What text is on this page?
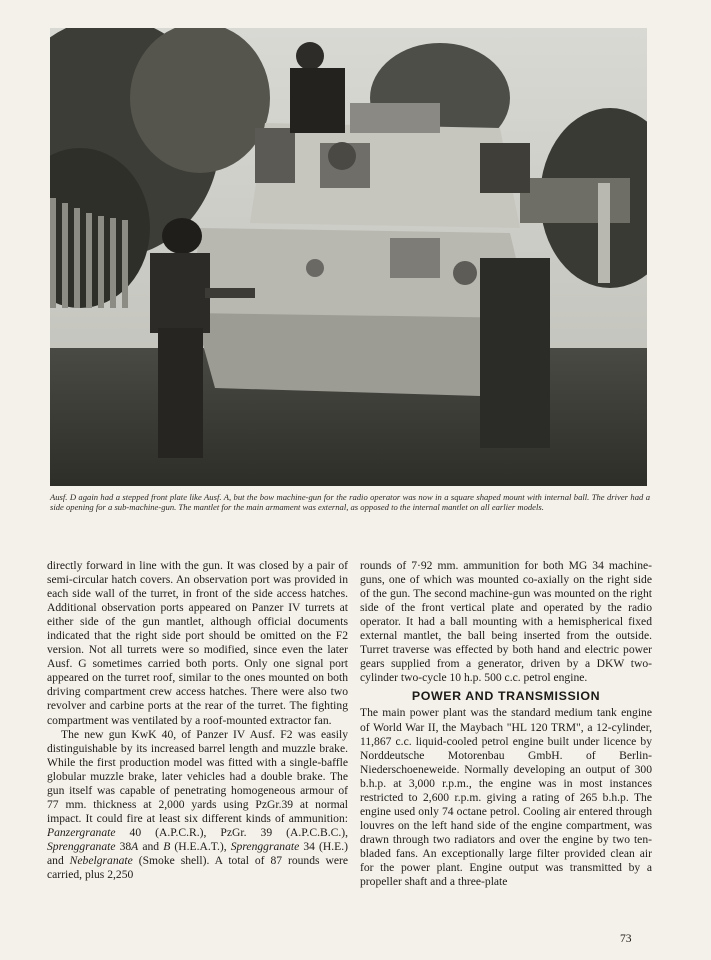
Ausf. D again had a stepped front plate like Ausf. A, but the bow machine-gun for the radio operator was now in a square shaped mount with internal ball. The driver had a side opening for a sub-machine-gun. The mantlet for the main armament was external, as opposed to the internal mantlet on all earlier models.

directly forward in line with the gun. It was closed by a pair of semi-circular hatch covers. An observation port was provided in each side wall of the turret, in front of the side access hatches. Additional observation ports appeared on Panzer IV turrets at either side of the gun mantlet, although official documents indicated that the right side port should be omitted on the F2 version. Not all turrets were so modified, since even the later Ausf. G sometimes carried both ports. Only one signal port appeared on the turret roof, similar to the ones mounted on both driving compartment crew access hatches. There were also two revolver and carbine ports at the rear of the turret. The fighting compartment was ventilated by a roof-mounted extractor fan.

The new gun KwK 40, of Panzer IV Ausf. F2 was easily distinguishable by its increased barrel length and muzzle brake. While the first production model was fitted with a single-baffle globular muzzle brake, later vehicles had a double brake. The gun itself was capable of penetrating homogeneous armour of 77 mm. thickness at 2,000 yards using PzGr.39 at normal impact. It could fire at least six different kinds of ammunition: Panzergranate 40 (A.P.C.R.), PzGr. 39 (A.P.C.B.C.), Sprenggranate 38A and B (H.E.A.T.), Sprenggranate 34 (H.E.) and Nebelgranate (Smoke shell). A total of 87 rounds were carried, plus 2,250

rounds of 7·92 mm. ammunition for both MG 34 machine-guns, one of which was mounted co-axially on the right side of the gun. The second machine-gun was mounted on the right side of the front vertical plate and operated by the radio operator. It had a ball mounting with a hemispherical fixed external mantlet, the ball being inserted from the outside. Turret traverse was effected by both hand and electric power gears supplied from a generator, driven by a DKW two-cylinder two-cycle 10 h.p. 500 c.c. petrol engine.

POWER AND TRANSMISSION

The main power plant was the standard medium tank engine of World War II, the Maybach "HL 120 TRM", a 12-cylinder, 11,867 c.c. liquid-cooled petrol engine built under licence by Norddeutsche Motorenbau GmbH. of Berlin-Niederschoeneweide. Normally developing an output of 300 b.h.p. at 3,000 r.p.m., the engine was in most instances restricted to 2,600 r.p.m. giving a rating of 265 b.h.p. The engine used only 74 octane petrol. Cooling air entered through louvres on the left hand side of the engine compartment, was drawn through two radiators and over the engine by two ten-bladed fans. An exceptionally large filter provided clean air for the power plant. Engine output was transmitted by a propeller shaft and a three-plate

73
